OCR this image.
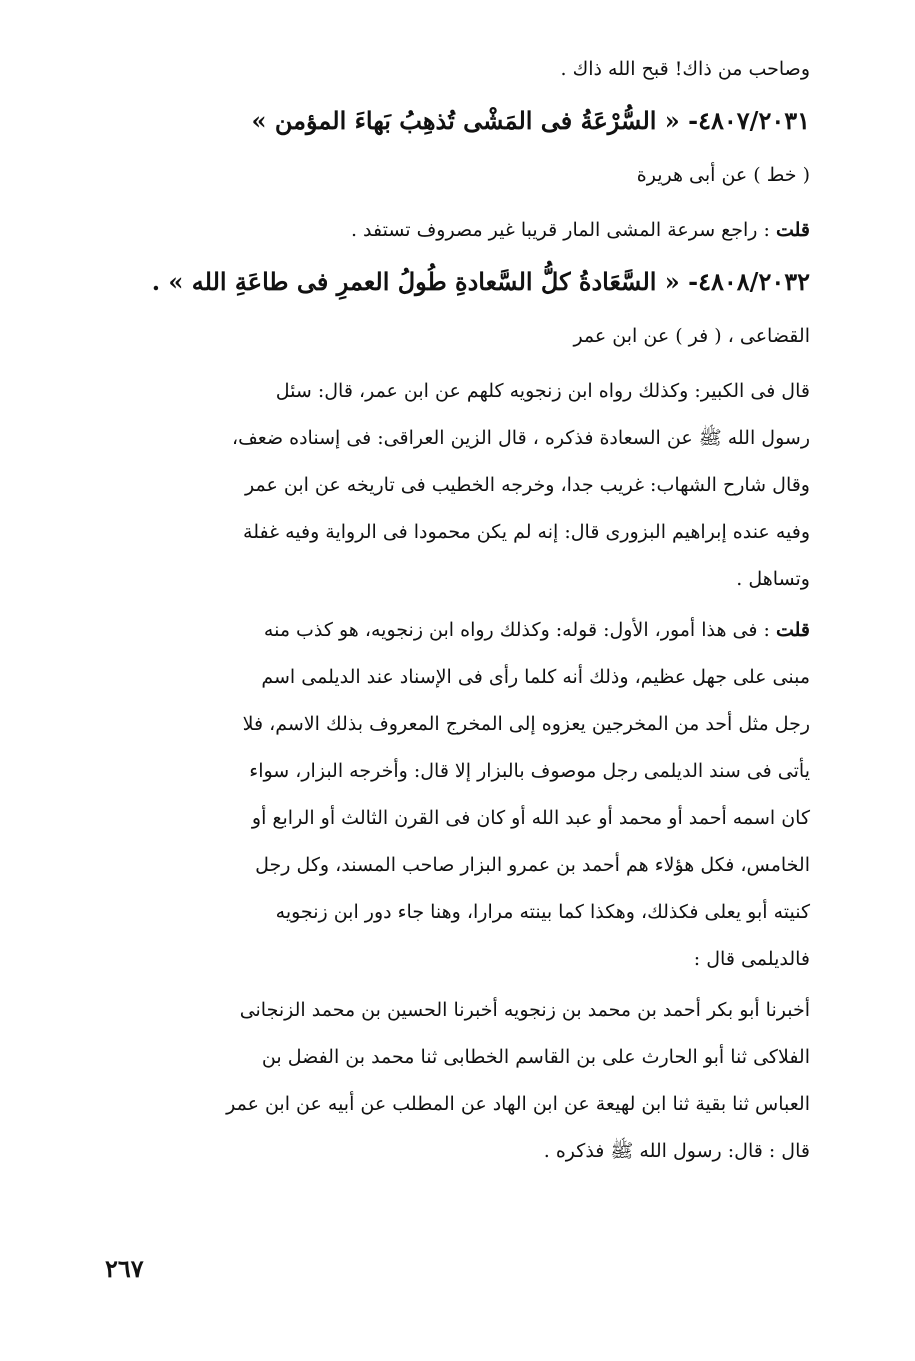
وصاحب من ذاك! قبح الله ذاك .
٤٨٠٧/٢٠٣١- « السُّرْعَةُ فى المَشْى تُذهِبُ بَهاءَ المؤمن »
( خط ) عن أبى هريرة
قلت : راجع سرعة المشى المار قريبا غير مصروف تستفد .
٤٨٠٨/٢٠٣٢- « السَّعَادةُ كلُّ السَّعادةِ طُولُ العمرِ فى طاعَةِ الله » .
القضاعى ، ( فر ) عن ابن عمر
قال فى الكبير: وكذلك رواه ابن زنجويه كلهم عن ابن عمر، قال: سئل
رسول الله ﷺ عن السعادة فذكره ، قال الزين العراقى: فى إسناده ضعف،
وقال شارح الشهاب: غريب جدا، وخرجه الخطيب فى تاريخه عن ابن عمر
وفيه عنده إبراهيم البزورى قال: إنه لم يكن محمودا فى الرواية وفيه غفلة
وتساهل .
قلت : فى هذا أمور، الأول: قوله: وكذلك رواه ابن زنجويه، هو كذب منه
مبنى على جهل عظيم، وذلك أنه كلما رأى فى الإسناد عند الديلمى اسم
رجل مثل أحد من المخرجين يعزوه إلى المخرج المعروف بذلك الاسم، فلا
يأتى فى سند الديلمى رجل موصوف بالبزار إلا قال: وأخرجه البزار، سواء
كان اسمه أحمد أو محمد أو عبد الله أو كان فى القرن الثالث أو الرابع أو
الخامس، فكل هؤلاء هم أحمد بن عمرو البزار صاحب المسند، وكل رجل
كنيته أبو يعلى فكذلك، وهكذا كما بينته مرارا، وهنا جاء دور ابن زنجويه
فالديلمى قال :
أخبرنا أبو بكر أحمد بن محمد بن زنجويه أخبرنا الحسين بن محمد الزنجانى
الفلاكى ثنا أبو الحارث على بن القاسم الخطابى ثنا محمد بن الفضل بن
العباس ثنا بقية ثنا ابن لهيعة عن ابن الهاد عن المطلب عن أبيه عن ابن عمر
قال : قال: رسول الله ﷺ فذكره .
٢٦٧
